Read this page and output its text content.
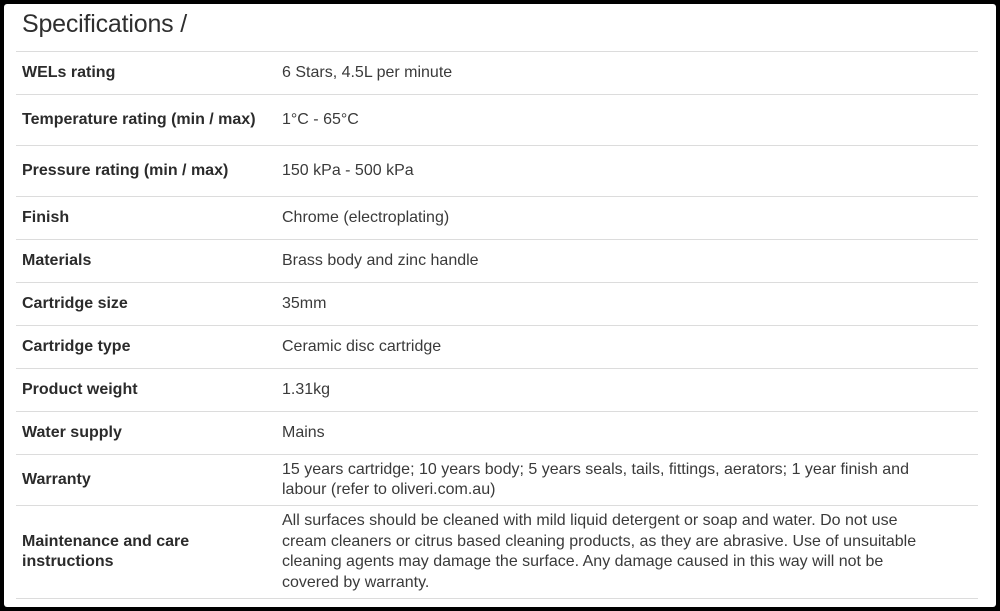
Specifications /
WELs rating	6 Stars, 4.5L per minute
Temperature rating (min / max)	1°C - 65°C
Pressure rating (min / max)	150 kPa - 500 kPa
Finish	Chrome (electroplating)
Materials	Brass body and zinc handle
Cartridge size	35mm
Cartridge type	Ceramic disc cartridge
Product weight	1.31kg
Water supply	Mains
Warranty	15 years cartridge; 10 years body; 5 years seals, tails, fittings, aerators; 1 year finish and labour (refer to oliveri.com.au)
Maintenance and care instructions	All surfaces should be cleaned with mild liquid detergent or soap and water. Do not use cream cleaners or citrus based cleaning products, as they are abrasive. Use of unsuitable cleaning agents may damage the surface. Any damage caused in this way will not be covered by warranty.
